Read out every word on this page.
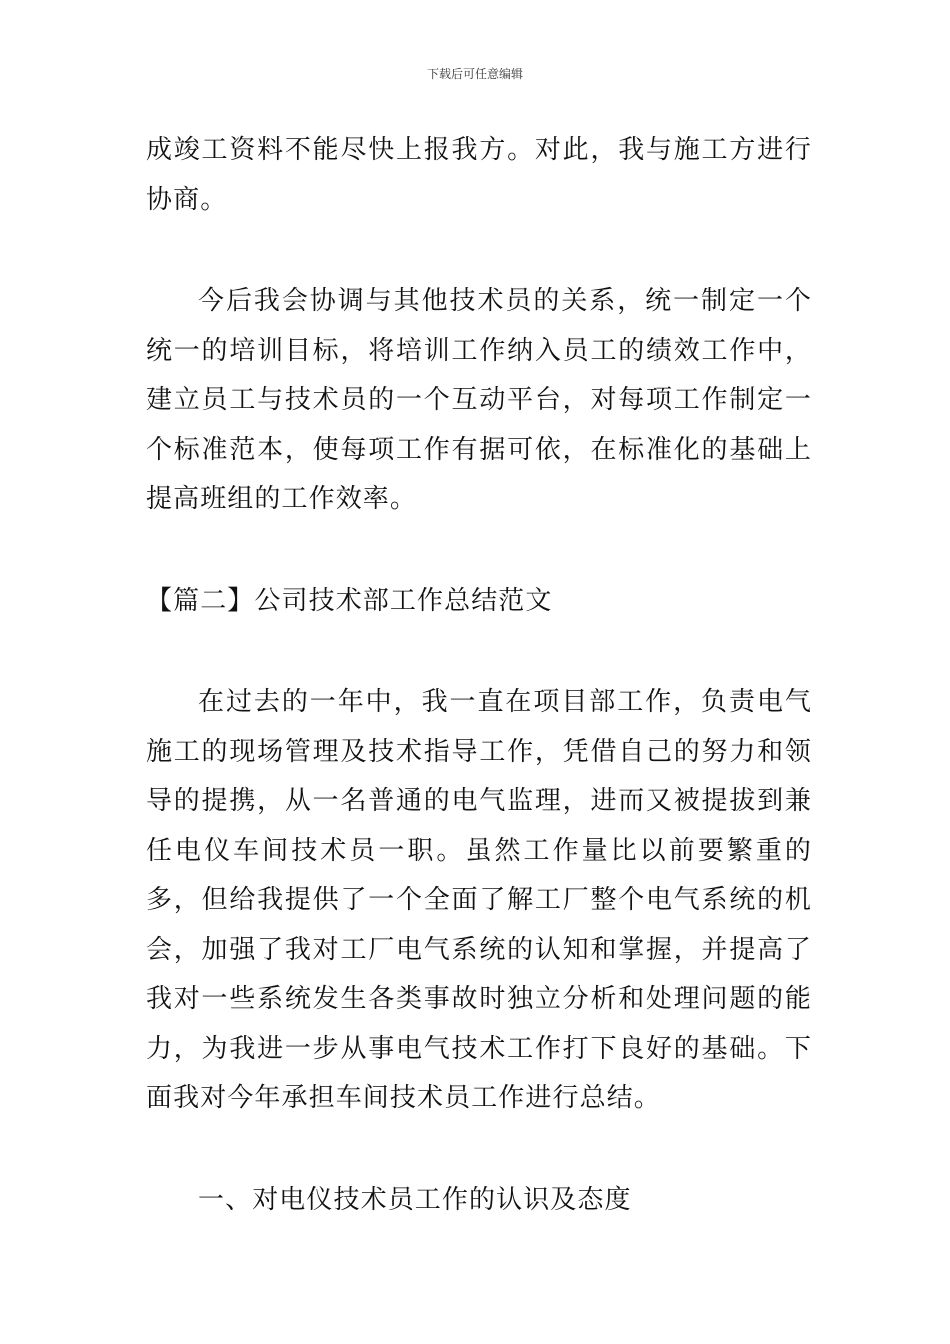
下载后可任意编辑

成竣工资料不能尽快上报我方。对此，我与施工方进行协商。

今后我会协调与其他技术员的关系，统一制定一个统一的培训目标，将培训工作纳入员工的绩效工作中，建立员工与技术员的一个互动平台，对每项工作制定一个标准范本，使每项工作有据可依，在标准化的基础上提高班组的工作效率。

【篇二】公司技术部工作总结范文

在过去的一年中，我一直在项目部工作，负责电气施工的现场管理及技术指导工作，凭借自己的努力和领导的提携，从一名普通的电气监理，进而又被提拔到兼任电仪车间技术员一职。虽然工作量比以前要繁重的多，但给我提供了一个全面了解工厂整个电气系统的机会，加强了我对工厂电气系统的认知和掌握，并提高了我对一些系统发生各类事故时独立分析和处理问题的能力，为我进一步从事电气技术工作打下良好的基础。下面我对今年承担车间技术员工作进行总结。

一、对电仪技术员工作的认识及态度
